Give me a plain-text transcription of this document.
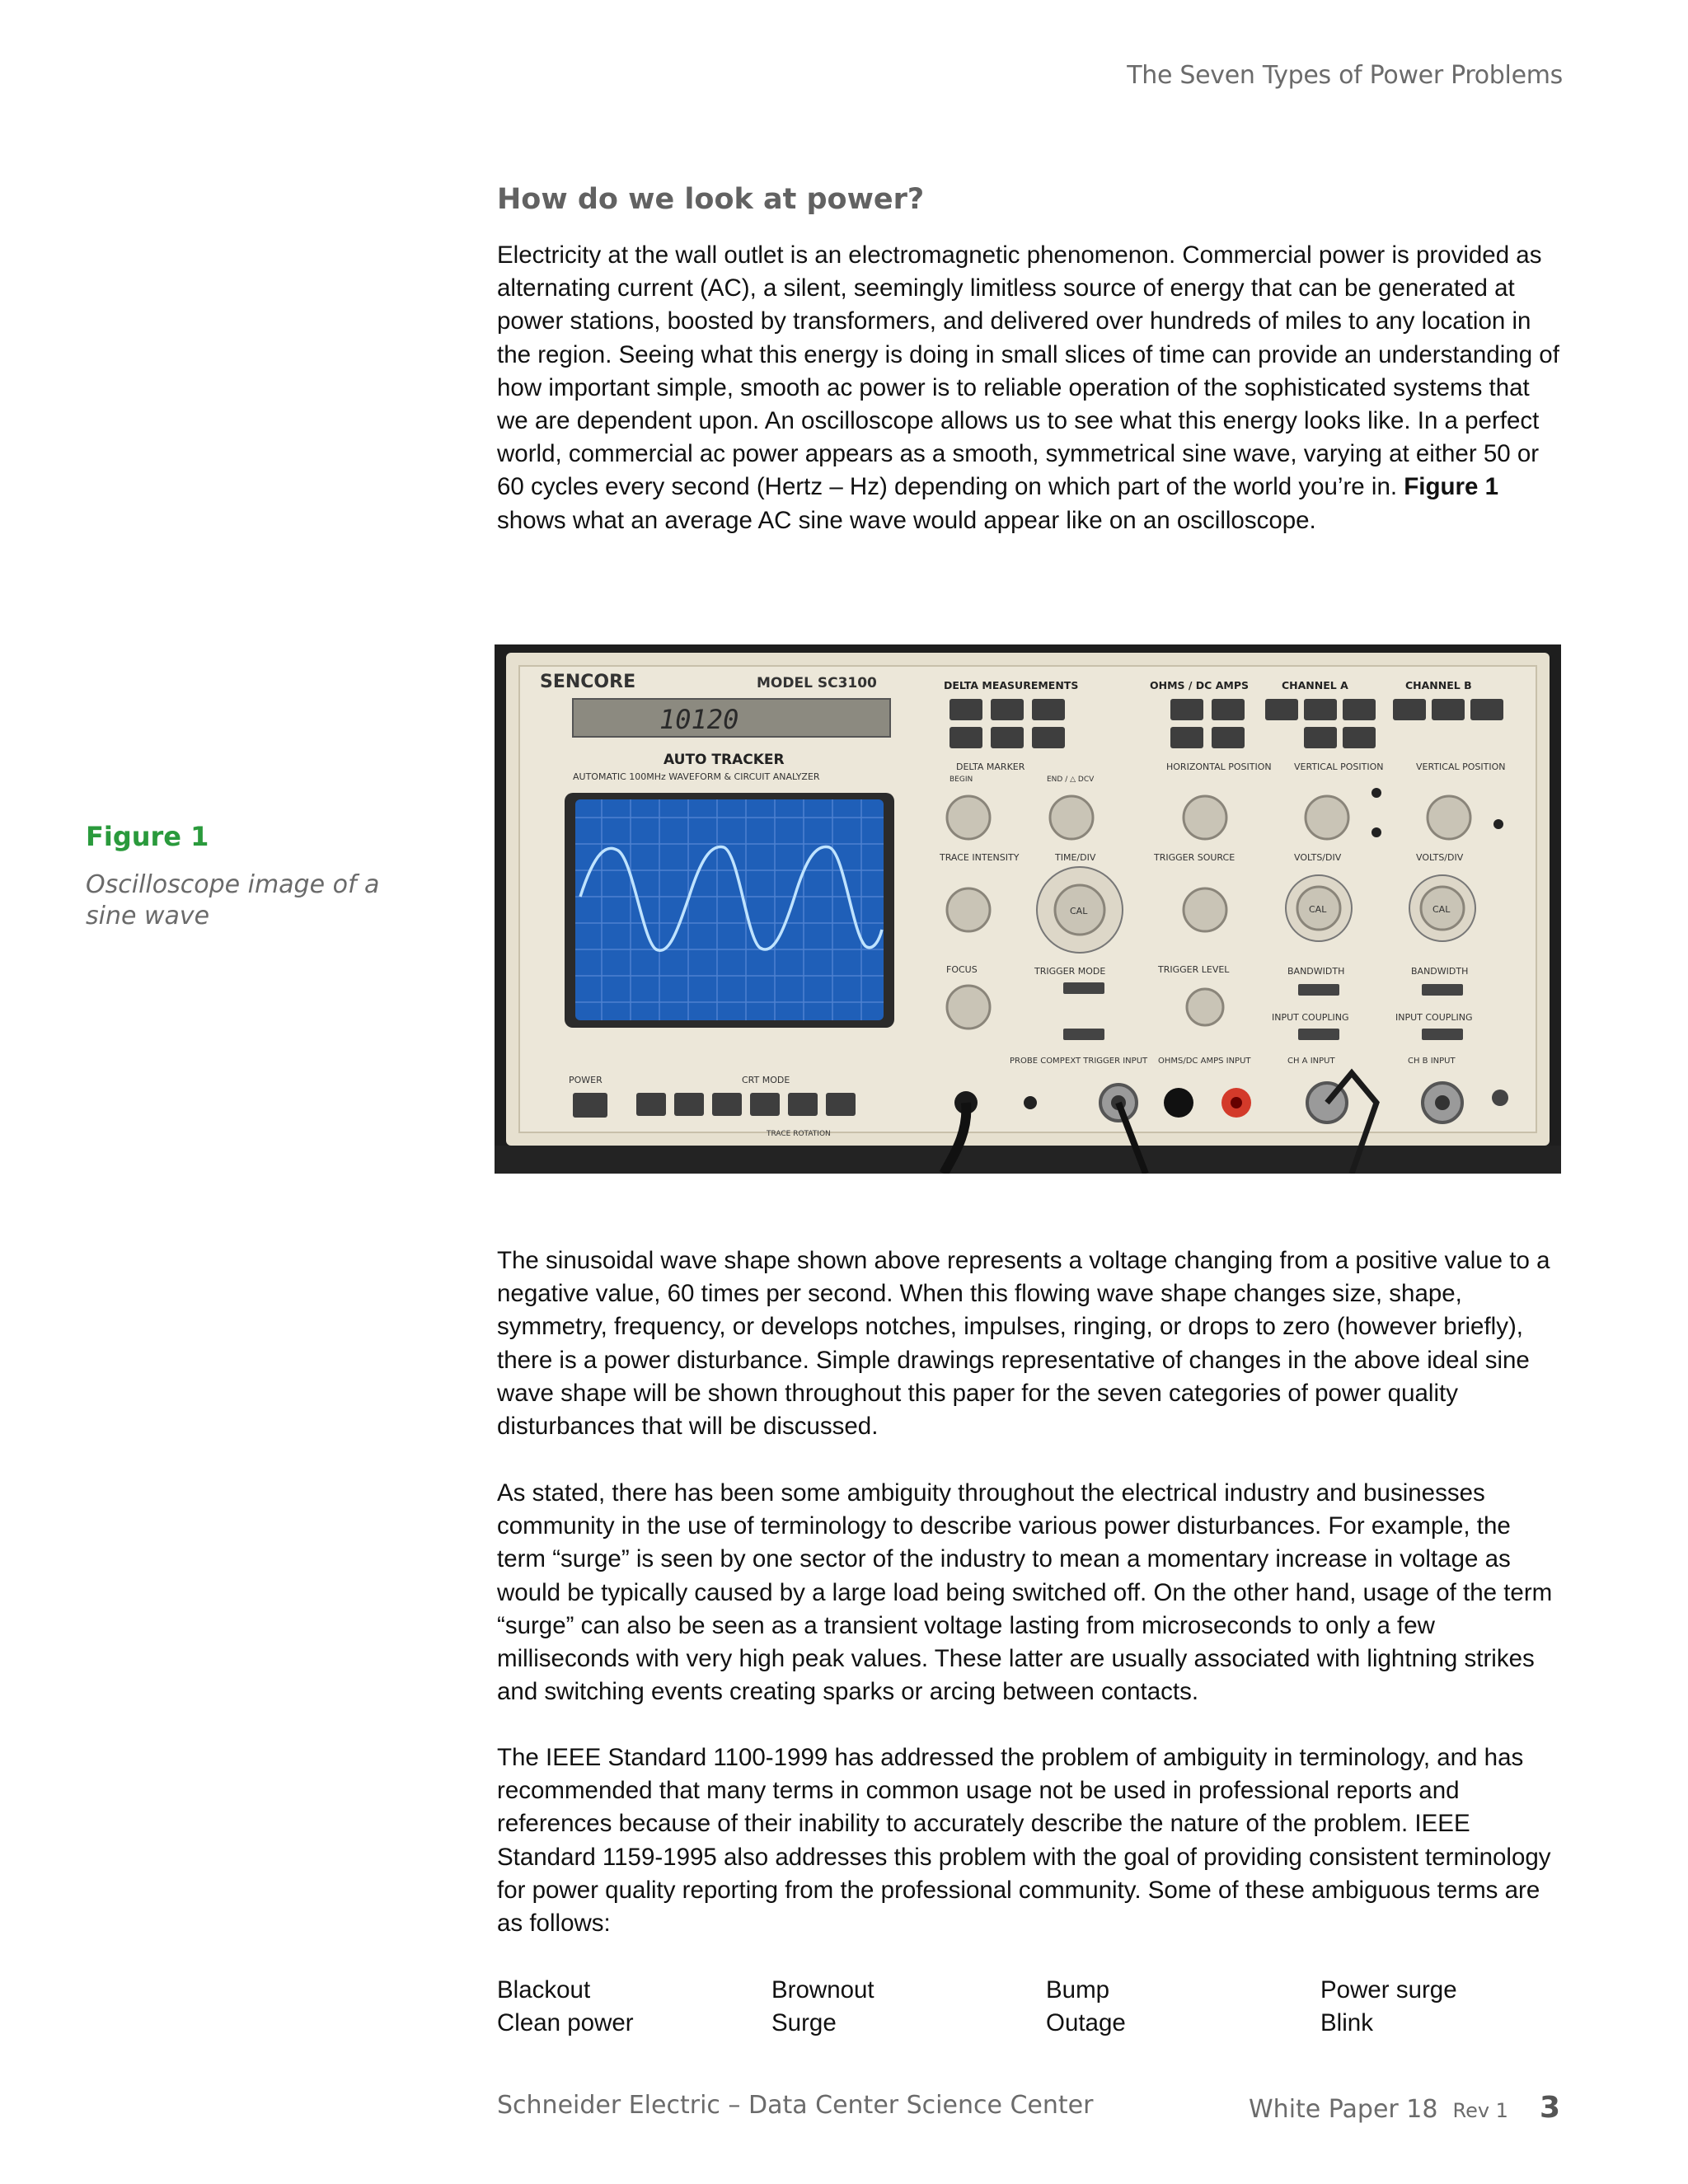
The Seven Types of Power Problems
How do we look at power?

Electricity at the wall outlet is an electromagnetic phenomenon. Commercial power is provided as alternating current (AC), a silent, seemingly limitless source of energy that can be generated at power stations, boosted by transformers, and delivered over hundreds of miles to any location in the region. Seeing what this energy is doing in small slices of time can provide an understanding of how important simple, smooth ac power is to reliable operation of the sophisticated systems that we are dependent upon. An oscilloscope allows us to see what this energy looks like. In a perfect world, commercial ac power appears as a smooth, symmetrical sine wave, varying at either 50 or 60 cycles every second (Hertz – Hz) depending on which part of the world you’re in. Figure 1 shows what an average AC sine wave would appear like on an oscilloscope.

Figure 1
Oscilloscope image of a sine wave
SENCORE	MODEL SC3100
10120
AUTO TRACKER
AUTOMATIC 100MHz WAVEFORM & CIRCUIT ANALYZER
DELTA MEASUREMENTS	OHMS / DC AMPS	CHANNEL A	CHANNEL B
DELTA MARKER
BEGIN	END / △ DCV
HORIZONTAL POSITION VERTICAL POSITION	VERTICAL POSITION
TRACE INTENSITY	TIME/DIV	TRIGGER SOURCE	VOLTS/DIV	VOLTS/DIV
FOCUS	TRIGGER MODE	TRIGGER LEVEL	BANDWIDTH	BANDWIDTH
INPUT COUPLING	INPUT COUPLING
POWER	CRT MODE
PROBE COMP EXT TRIGGER INPUT OHMS/DC AMPS INPUT	CH A INPUT	CH B INPUT
TRACE ROTATION
CAL	CAL	CAL

The sinusoidal wave shape shown above represents a voltage changing from a positive value to a negative value, 60 times per second. When this flowing wave shape changes size, shape, symmetry, frequency, or develops notches, impulses, ringing, or drops to zero (however briefly), there is a power disturbance. Simple drawings representative of changes in the above ideal sine wave shape will be shown throughout this paper for the seven categories of power quality disturbances that will be discussed.

As stated, there has been some ambiguity throughout the electrical industry and businesses community in the use of terminology to describe various power disturbances. For example, the term “surge” is seen by one sector of the industry to mean a momentary increase in voltage as would be typically caused by a large load being switched off. On the other hand, usage of the term “surge” can also be seen as a transient voltage lasting from microseconds to only a few milliseconds with very high peak values. These latter are usually associated with lightning strikes and switching events creating sparks or arcing between contacts.

The IEEE Standard 1100-1999 has addressed the problem of ambiguity in terminology, and has recommended that many terms in common usage not be used in professional reports and references because of their inability to accurately describe the nature of the problem. IEEE Standard 1159-1995 also addresses this problem with the goal of providing consistent terminology for power quality reporting from the professional community. Some of these ambiguous terms are as follows:

Blackout	Brownout	Bump	Power surge
Clean power	Surge	Outage	Blink
Schneider Electric – Data Center Science Center	White Paper 18 Rev 1 3
